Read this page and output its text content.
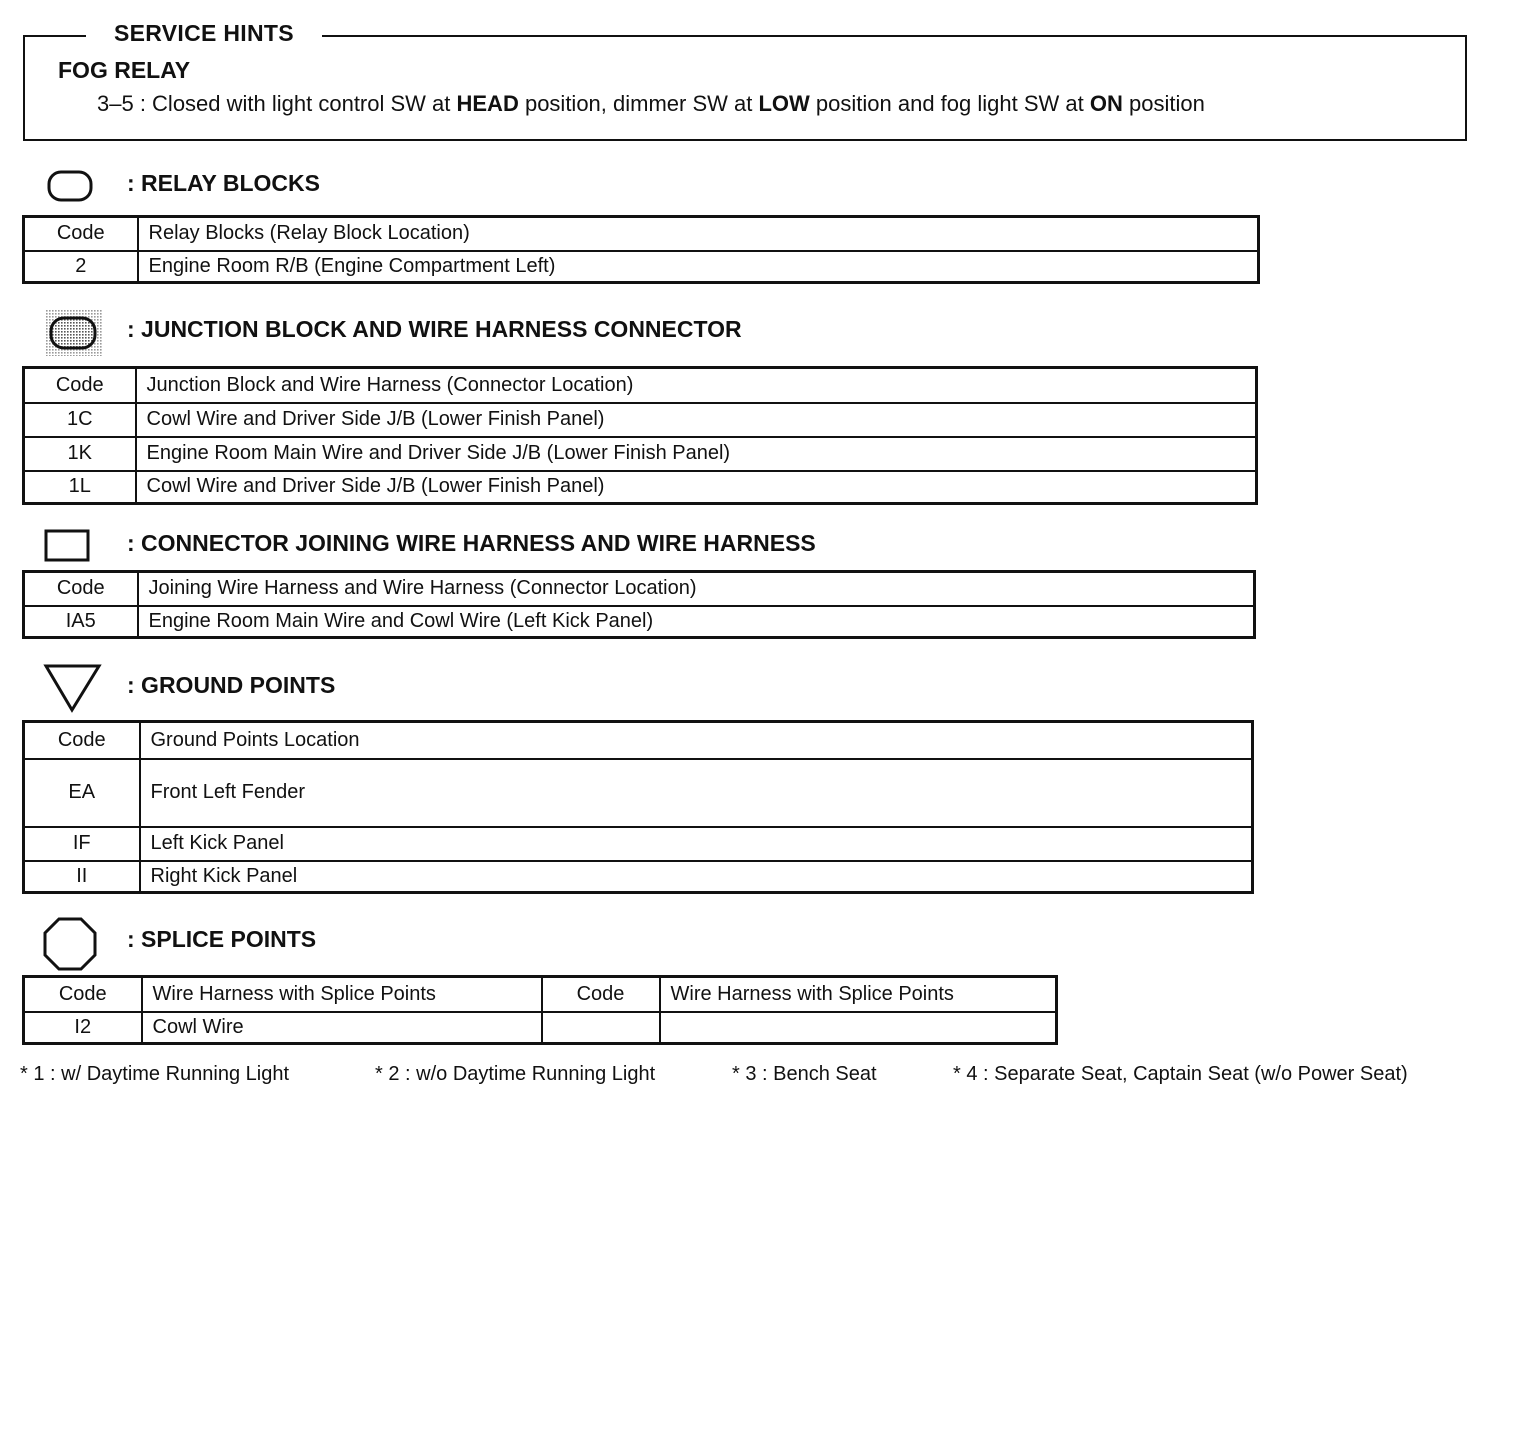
SERVICE HINTS
FOG RELAY
3–5 : Closed with light control SW at HEAD position, dimmer SW at LOW position and fog light SW at ON position
: RELAY BLOCKS
Code	Relay Blocks (Relay Block Location)
2	Engine Room R/B (Engine Compartment Left)
: JUNCTION BLOCK AND WIRE HARNESS CONNECTOR
Code	Junction Block and Wire Harness (Connector Location)
1C	Cowl Wire and Driver Side J/B (Lower Finish Panel)
1K	Engine Room Main Wire and Driver Side J/B (Lower Finish Panel)
1L	Cowl Wire and Driver Side J/B (Lower Finish Panel)
: CONNECTOR JOINING WIRE HARNESS AND WIRE HARNESS
Code	Joining Wire Harness and Wire Harness (Connector Location)
IA5	Engine Room Main Wire and Cowl Wire (Left Kick Panel)
: GROUND POINTS
Code	Ground Points Location
EA	Front Left Fender
IF	Left Kick Panel
II	Right Kick Panel
: SPLICE POINTS
Code	Wire Harness with Splice Points	Code	Wire Harness with Splice Points
I2	Cowl Wire		
* 1 : w/ Daytime Running Light	* 2 : w/o Daytime Running Light	* 3 : Bench Seat	* 4 : Separate Seat, Captain Seat (w/o Power Seat)
